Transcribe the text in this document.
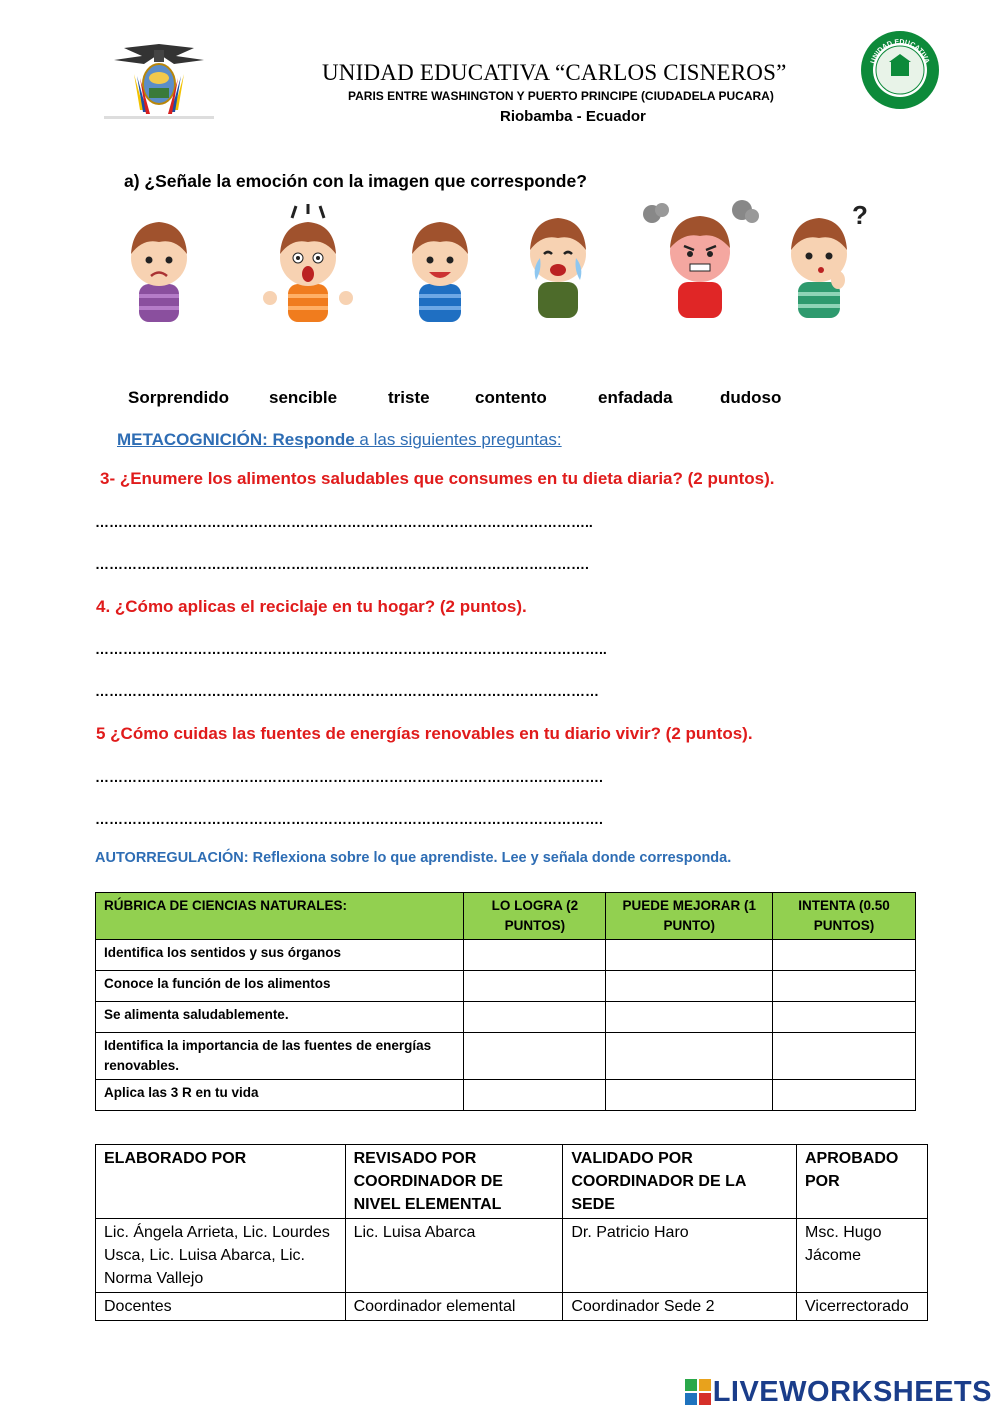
UNIDAD EDUCATIVA “CARLOS CISNEROS”
PARIS ENTRE WASHINGTON Y PUERTO PRINCIPE (CIUDADELA PUCARA)
Riobamba - Ecuador
UNIDAD EDUCATIVA
a) ¿Señale la emoción con la imagen que corresponde?
?
Sorprendido sencible	triste	contento	enfadada	dudoso
METACOGNICIÓN: Responde a las siguientes preguntas:
3- ¿Enumere los alimentos saludables que consumes en tu dieta diaria? (2 puntos).
……………………………………………………………………………………………..
…………………………………………………………………………………………….
4. ¿Cómo aplicas el reciclaje en tu hogar? (2 puntos).
………………………………………………………………………………………………..
………………………………………………………………………………………………
5 ¿Cómo cuidas las fuentes de energías renovables en tu diario vivir? (2 puntos).
……………………………………………………………………………………………….
……………………………………………………………………………………………….
AUTORREGULACIÓN: Reflexiona sobre lo que aprendiste. Lee y señala donde corresponda.
RÚBRICA DE CIENCIAS NATURALES:	LO LOGRA (2 PUNTOS)	PUEDE MEJORAR (1 PUNTO)	INTENTA (0.50 PUNTOS)
Identifica los sentidos y sus órganos			
Conoce la función de los alimentos			
Se alimenta saludablemente.			
Identifica la importancia de las fuentes de energías renovables.			
Aplica las 3 R en tu vida			
ELABORADO POR	REVISADO POR COORDINADOR DE NIVEL ELEMENTAL	VALIDADO POR COORDINADOR DE LA SEDE	APROBADO POR
Lic. Ángela Arrieta, Lic. Lourdes Usca, Lic. Luisa Abarca, Lic. Norma Vallejo	Lic. Luisa Abarca	Dr. Patricio Haro	Msc. Hugo Jácome
Docentes	Coordinador elemental	Coordinador Sede 2	Vicerrectorado
LIVEWORKSHEETS
